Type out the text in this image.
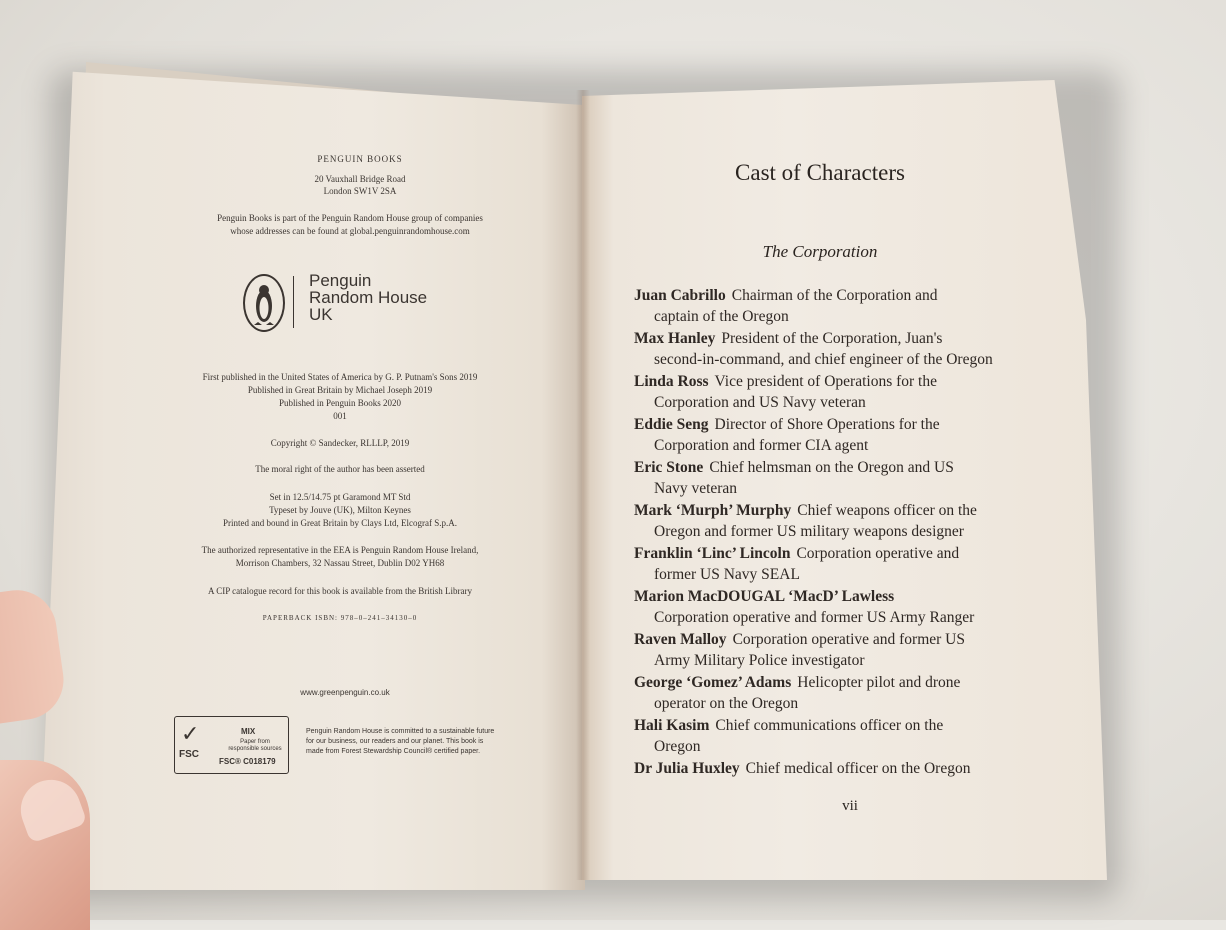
PENGUIN BOOKS
20 Vauxhall Bridge Road
London SW1V 2SA
Penguin Books is part of the Penguin Random House group of companies
whose addresses can be found at global.penguinrandomhouse.com
Penguin
Random House
UK
First published in the United States of America by G. P. Putnam's Sons 2019
Published in Great Britain by Michael Joseph 2019
Published in Penguin Books 2020
001
Copyright © Sandecker, RLLLP, 2019
The moral right of the author has been asserted
Set in 12.5/14.75 pt Garamond MT Std
Typeset by Jouve (UK), Milton Keynes
Printed and bound in Great Britain by Clays Ltd, Elcograf S.p.A.
The authorized representative in the EEA is Penguin Random House Ireland,
Morrison Chambers, 32 Nassau Street, Dublin D02 YH68
A CIP catalogue record for this book is available from the British Library
PAPERBACK ISBN: 978–0–241–34130–0
www.greenpenguin.co.uk
✓
FSC
MIX
Paper from responsible sources
FSC® C018179
Penguin Random House is committed to a sustainable future for our business, our readers and our planet. This book is made from Forest Stewardship Council® certified paper.
Cast of Characters
The Corporation
Juan Cabrillo Chairman of the Corporation and
captain of the Oregon
Max Hanley President of the Corporation, Juan's
second-in-command, and chief engineer of the Oregon
Linda Ross Vice president of Operations for the
Corporation and US Navy veteran
Eddie Seng Director of Shore Operations for the
Corporation and former CIA agent
Eric Stone Chief helmsman on the Oregon and US
Navy veteran
Mark ‘Murph’ Murphy Chief weapons officer on the
Oregon and former US military weapons designer
Franklin ‘Linc’ Lincoln Corporation operative and
former US Navy SEAL
Marion MacDOUGAL ‘MacD’ Lawless
Corporation operative and former US Army Ranger
Raven Malloy Corporation operative and former US
Army Military Police investigator
George ‘Gomez’ Adams Helicopter pilot and drone
operator on the Oregon
Hali Kasim Chief communications officer on the
Oregon
Dr Julia Huxley Chief medical officer on the Oregon
vii
